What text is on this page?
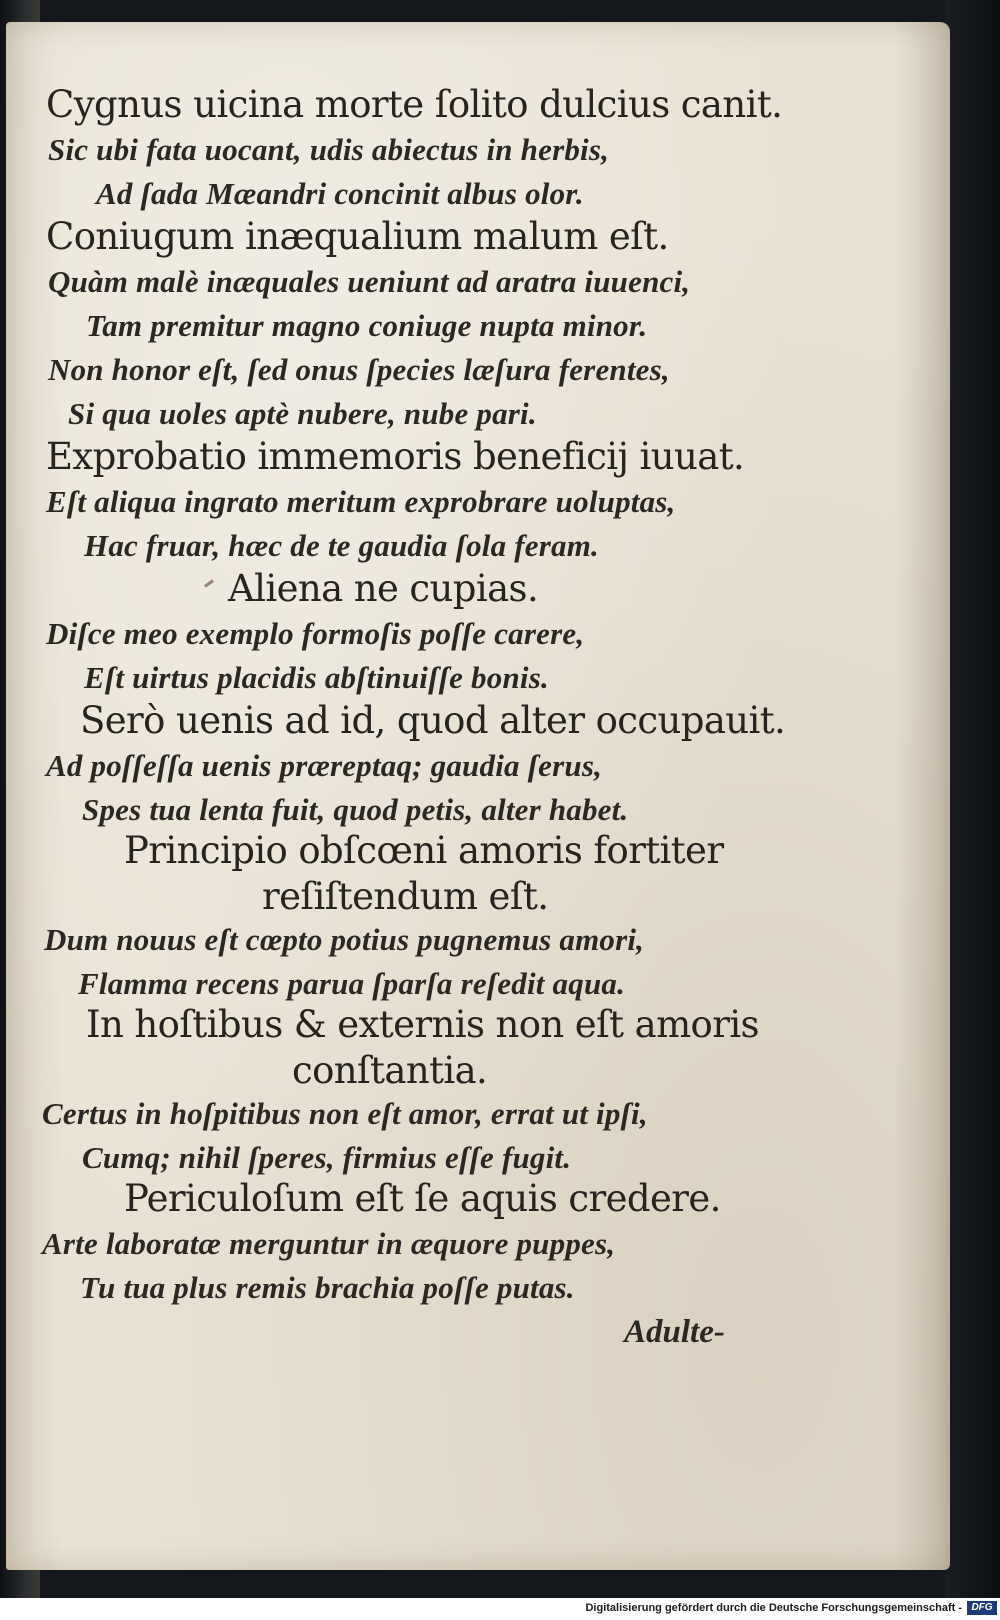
Cygnus uicina morte ſolito dulcius canit.
Sic ubi fata uocant, udis abiectus in herbis,
Ad ſada Mæandri concinit albus olor.
Coniugum inæqualium malum eſt.
Quàm malè inæquales ueniunt ad aratra iuuenci,
Tam premitur magno coniuge nupta minor.
Non honor eſt, ſed onus ſpecies læſura ferentes,
Si qua uoles aptè nubere, nube pari.
Exprobatio immemoris beneficij iuuat.
Eſt aliqua ingrato meritum exprobrare uoluptas,
Hac fruar, hæc de te gaudia ſola feram.
Aliena ne cupias.
Diſce meo exemplo formoſis poſſe carere,
Eſt uirtus placidis abſtinuiſſe bonis.
Serò uenis ad id, quod alter occupauit.
Ad poſſeſſa uenis præreptaq; gaudia ſerus,
Spes tua lenta fuit, quod petis, alter habet.
Principio obſcœni amoris fortiter
reſiſtendum eſt.
Dum nouus eſt cœpto potius pugnemus amori,
Flamma recens parua ſparſa reſedit aqua.
In hoſtibus & externis non eſt amoris
conſtantia.
Certus in hoſpitibus non eſt amor, errat ut ipſi,
Cumq; nihil ſperes, firmius eſſe fugit.
Periculoſum eſt ſe aquis credere.
Arte laboratæ merguntur in æquore puppes,
Tu tua plus remis brachia poſſe putas.
Adulte-
Digitalisierung gefördert durch die Deutsche Forschungsgemeinschaft - DFG
